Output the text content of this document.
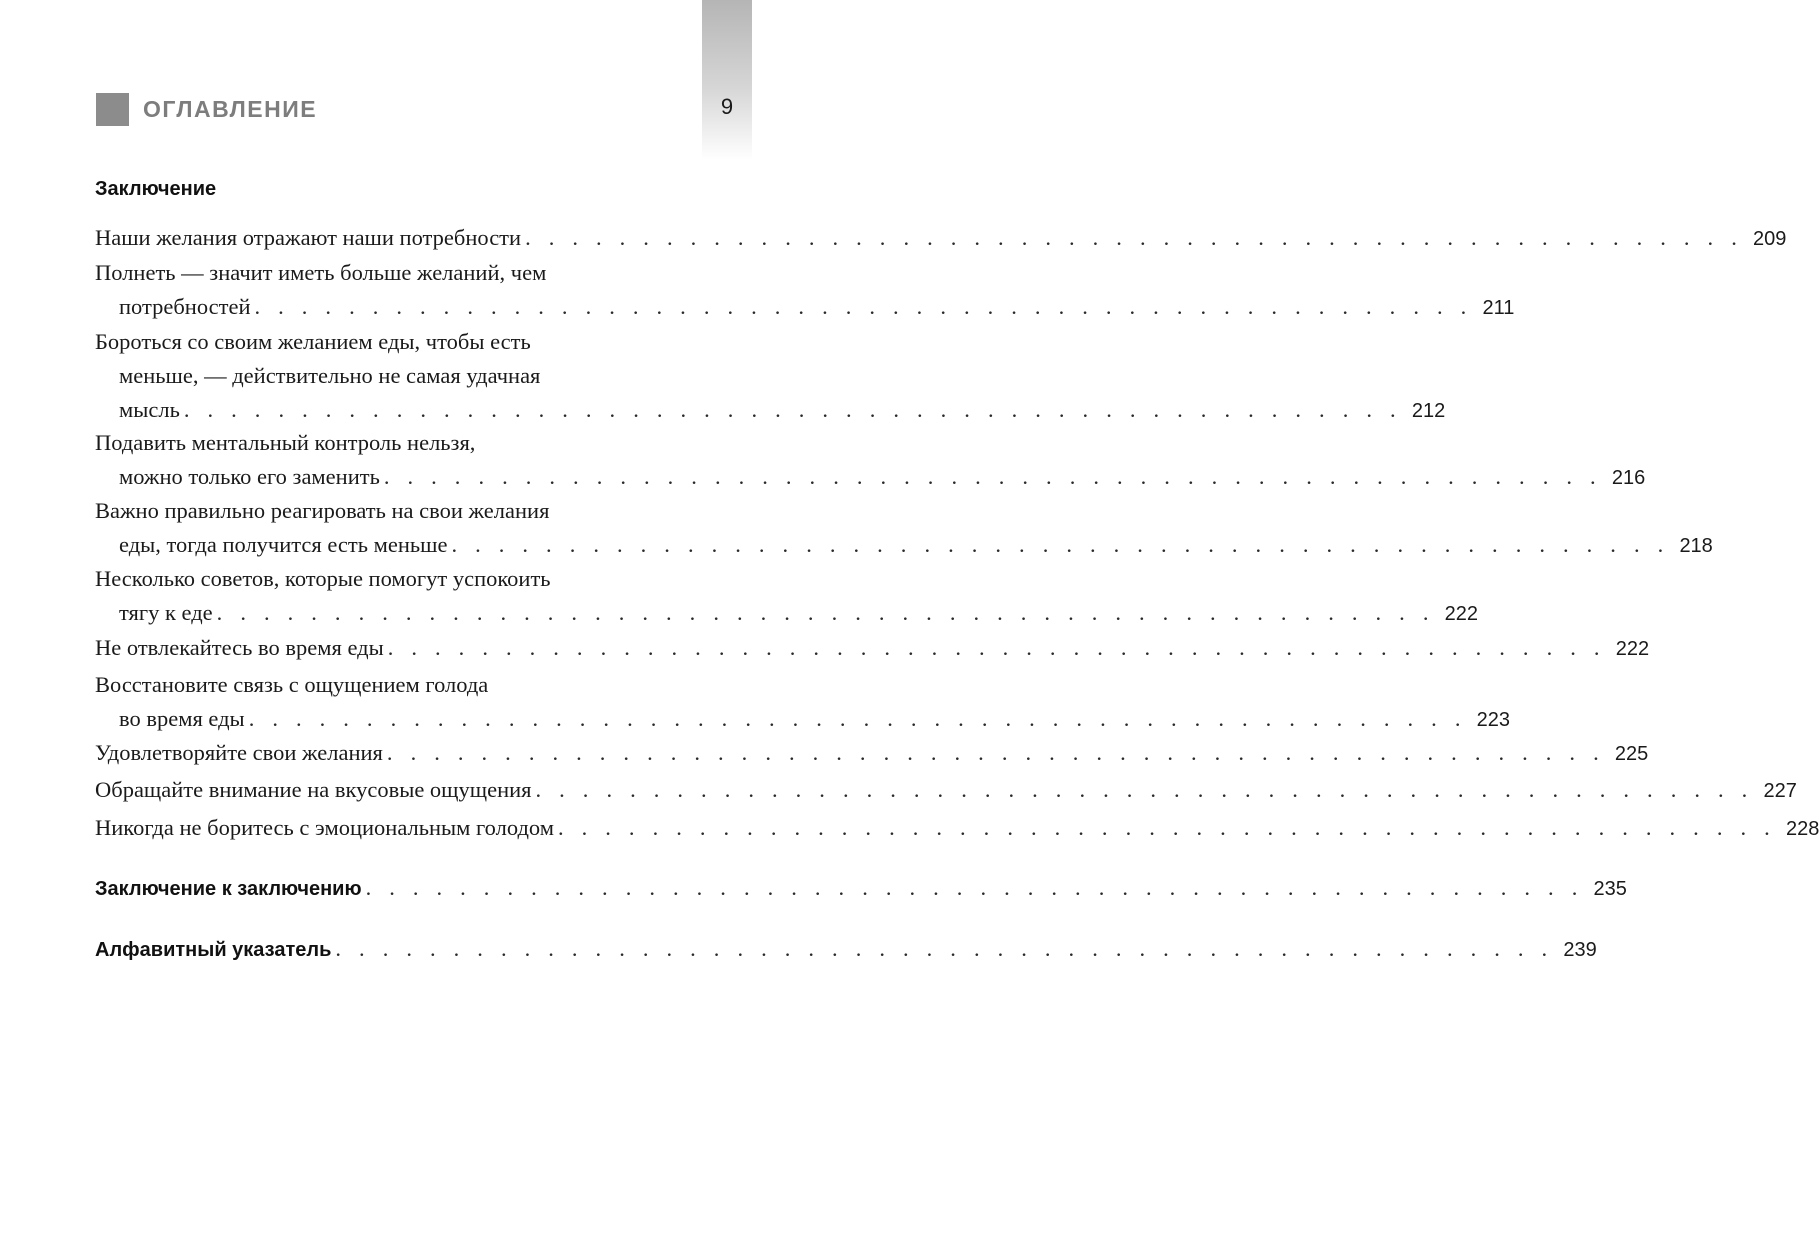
9
ОГЛАВЛЕНИЕ
Заключение
Наши желания отражают наши потребности . . . . . . . . . . . . . . . . . . . . . . . . . . . . . . . . . . . . . . . . . . . . . . . . . . . . 209
Полнеть — значит иметь больше желаний, чем
потребностей . . . . . . . . . . . . . . . . . . . . . . . . . . . . . . . . . . . . . . . . . . . . . . . . . . . . 211
Бороться со своим желанием еды, чтобы есть
меньше, — действительно не самая удачная
мысль . . . . . . . . . . . . . . . . . . . . . . . . . . . . . . . . . . . . . . . . . . . . . . . . . . . . 212
Подавить ментальный контроль нельзя,
можно только его заменить . . . . . . . . . . . . . . . . . . . . . . . . . . . . . . . . . . . . . . . . . . . . . . . . . . . . 216
Важно правильно реагировать на свои желания
еды, тогда получится есть меньше . . . . . . . . . . . . . . . . . . . . . . . . . . . . . . . . . . . . . . . . . . . . . . . . . . . . 218
Несколько советов, которые помогут успокоить
тягу к еде . . . . . . . . . . . . . . . . . . . . . . . . . . . . . . . . . . . . . . . . . . . . . . . . . . . . 222
Не отвлекайтесь во время еды . . . . . . . . . . . . . . . . . . . . . . . . . . . . . . . . . . . . . . . . . . . . . . . . . . . . 222
Восстановите связь с ощущением голода
во время еды . . . . . . . . . . . . . . . . . . . . . . . . . . . . . . . . . . . . . . . . . . . . . . . . . . . . 223
Удовлетворяйте свои желания . . . . . . . . . . . . . . . . . . . . . . . . . . . . . . . . . . . . . . . . . . . . . . . . . . . . 225
Обращайте внимание на вкусовые ощущения . . . . . . . . . . . . . . . . . . . . . . . . . . . . . . . . . . . . . . . . . . . . . . . . . . . . 227
Никогда не боритесь с эмоциональным голодом . . . . . . . . . . . . . . . . . . . . . . . . . . . . . . . . . . . . . . . . . . . . . . . . . . . . 228
Заключение к заключению . . . . . . . . . . . . . . . . . . . . . . . . . . . . . . . . . . . . . . . . . . . . . . . . . . . . 235
Алфавитный указатель . . . . . . . . . . . . . . . . . . . . . . . . . . . . . . . . . . . . . . . . . . . . . . . . . . . . 239
